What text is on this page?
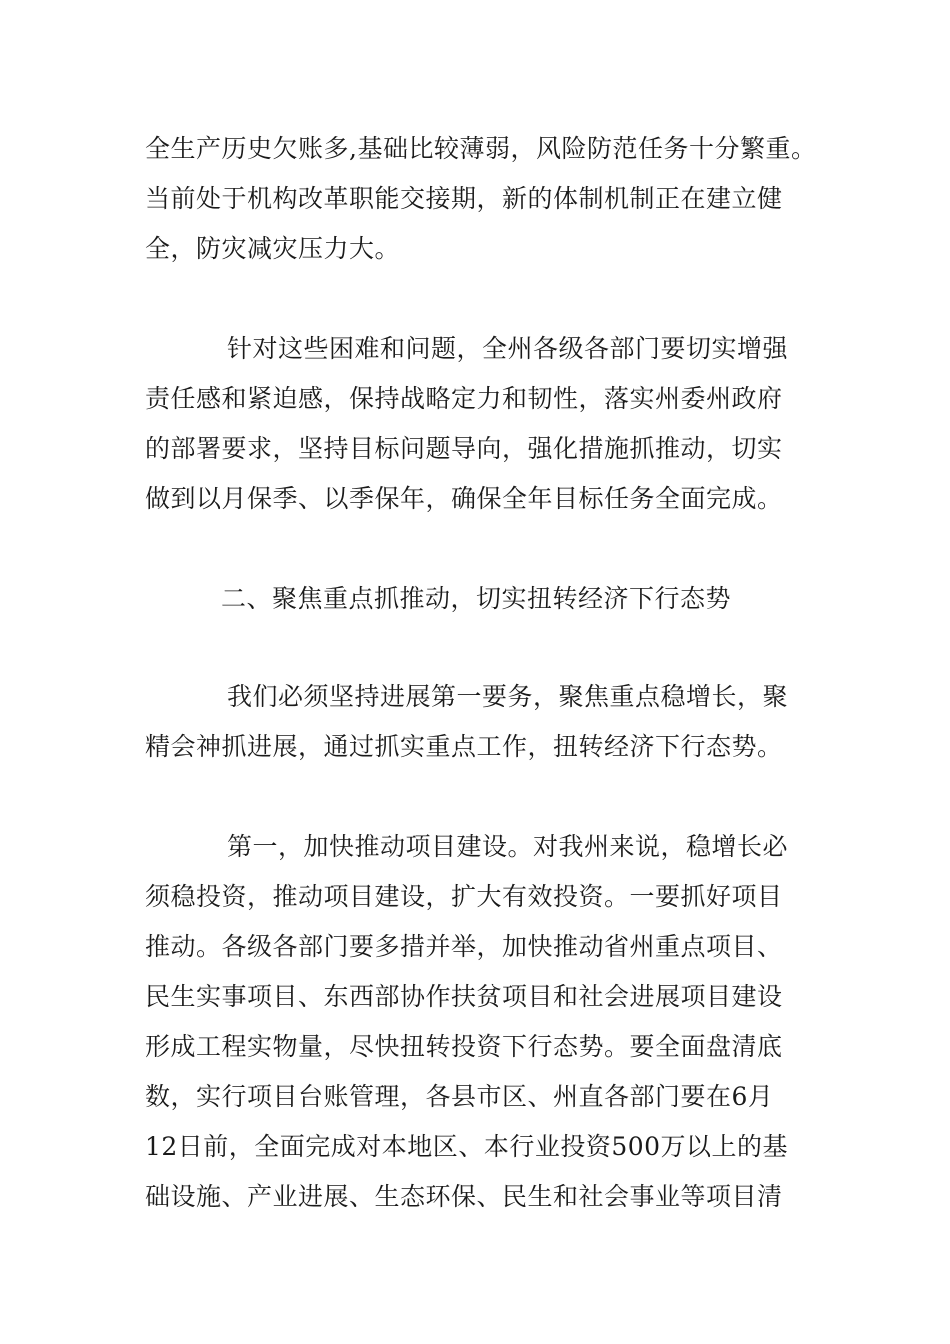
全生产历史欠账多,基础比较薄弱，风险防范任务十分繁重。
当前处于机构改革职能交接期，新的体制机制正在建立健
全，防灾减灾压力大。
针对这些困难和问题，全州各级各部门要切实增强
责任感和紧迫感，保持战略定力和韧性，落实州委州政府
的部署要求，坚持目标问题导向，强化措施抓推动，切实
做到以月保季、以季保年，确保全年目标任务全面完成。
二、聚焦重点抓推动，切实扭转经济下行态势
我们必须坚持进展第一要务，聚焦重点稳增长，聚
精会神抓进展，通过抓实重点工作，扭转经济下行态势。
第一，加快推动项目建设。对我州来说，稳增长必
须稳投资，推动项目建设，扩大有效投资。一要抓好项目
推动。各级各部门要多措并举，加快推动省州重点项目、
民生实事项目、东西部协作扶贫项目和社会进展项目建设
形成工程实物量，尽快扭转投资下行态势。要全面盘清底
数，实行项目台账管理，各县市区、州直各部门要在6月
12日前，全面完成对本地区、本行业投资500万以上的基
础设施、产业进展、生态环保、民生和社会事业等项目清
